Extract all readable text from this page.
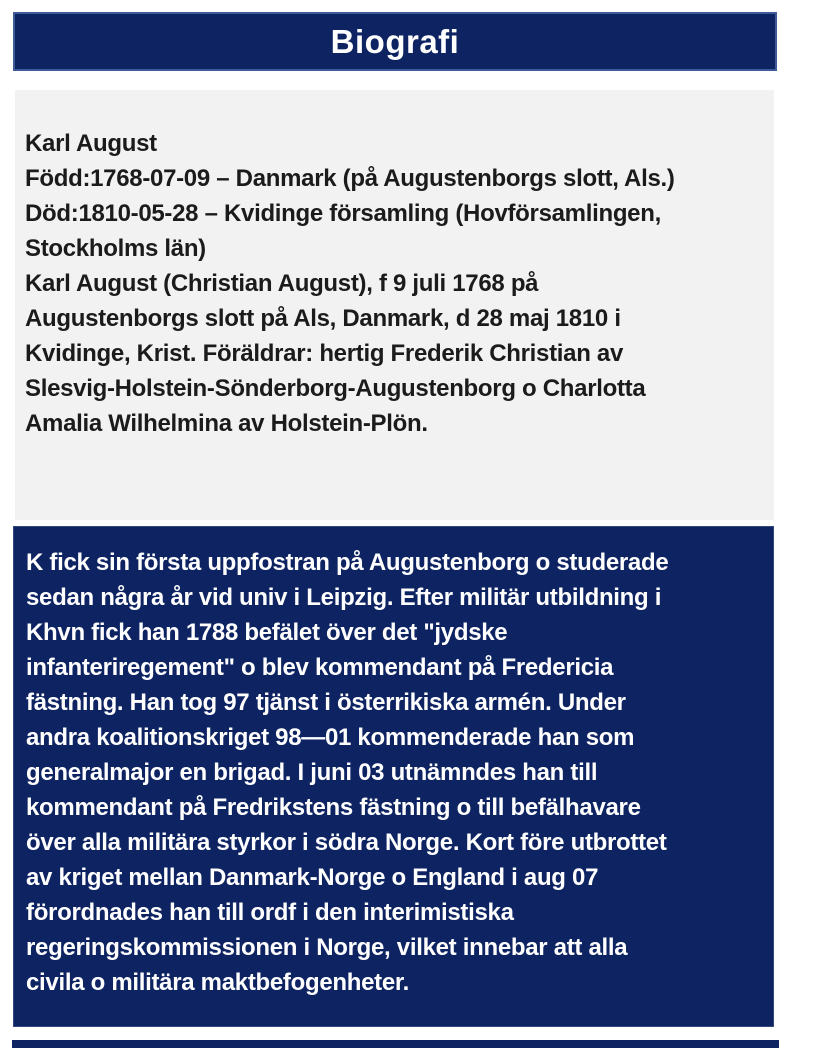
Biografi
Karl August
Född:1768-07-09 – Danmark (på Augustenborgs slott, Als.)
Död:1810-05-28 – Kvidinge församling (Hovförsamlingen,
Stockholms län)
Karl August (Christian August), f 9 juli 1768 på
Augustenborgs slott på Als, Danmark, d 28 maj 1810 i
Kvidinge, Krist. Föräldrar: hertig Frederik Christian av
Slesvig-Holstein-Sönderborg-Augustenborg o Charlotta
Amalia Wilhelmina av Holstein-Plön.
K fick sin första uppfostran på Augustenborg o studerade
sedan några år vid univ i Leipzig. Efter militär utbildning i
Khvn fick han 1788 befälet över det "jydske
infanteriregement" o blev kommendant på Fredericia
fästning. Han tog 97 tjänst i österrikiska armén. Under
andra koalitionskriget 98—01 kommenderade han som
generalmajor en brigad. I juni 03 utnämndes han till
kommendant på Fredrikstens fästning o till befälhavare
över alla militära styrkor i södra Norge. Kort före utbrottet
av kriget mellan Danmark-Norge o England i aug 07
förordnades han till ordf i den interimistiska
regeringskommissionen i Norge, vilket innebar att alla
civila o militära maktbefogenheter.
